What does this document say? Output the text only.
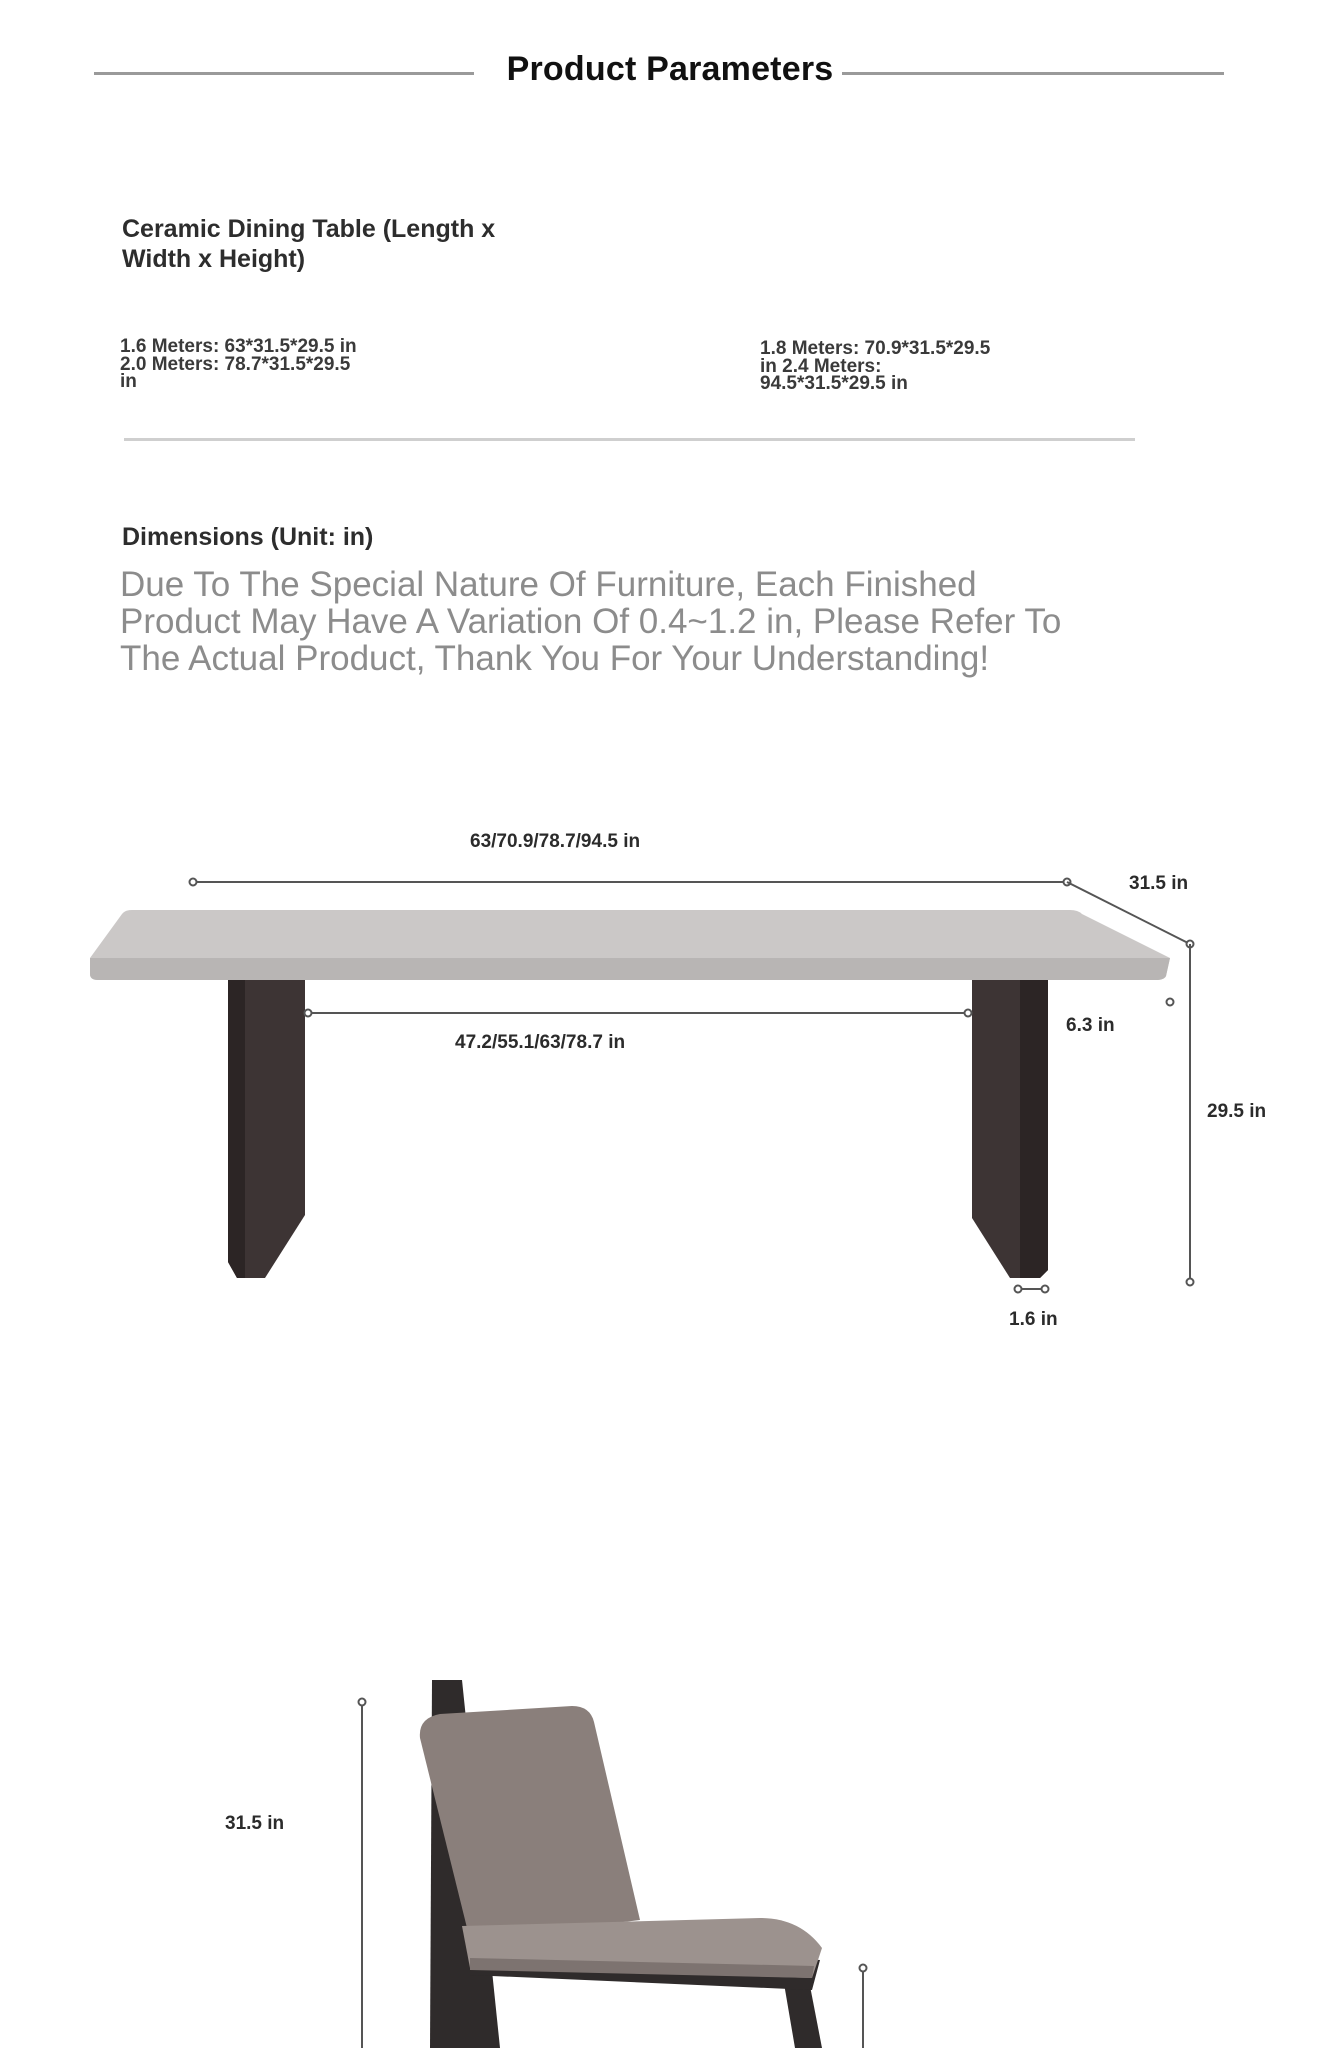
Product Parameters
Ceramic Dining Table (Length x Width x Height)
1.6 Meters: 63*31.5*29.5 in 2.0 Meters: 78.7*31.5*29.5 in
1.8 Meters: 70.9*31.5*29.5 in 2.4 Meters: 94.5*31.5*29.5 in
Dimensions (Unit: in)
Due To The Special Nature Of Furniture, Each Finished Product May Have A Variation Of 0.4~1.2 in, Please Refer To The Actual Product, Thank You For Your Understanding!
63/70.9/78.7/94.5 in
31.5 in
47.2/55.1/63/78.7 in
6.3 in
29.5 in
1.6 in
31.5 in
